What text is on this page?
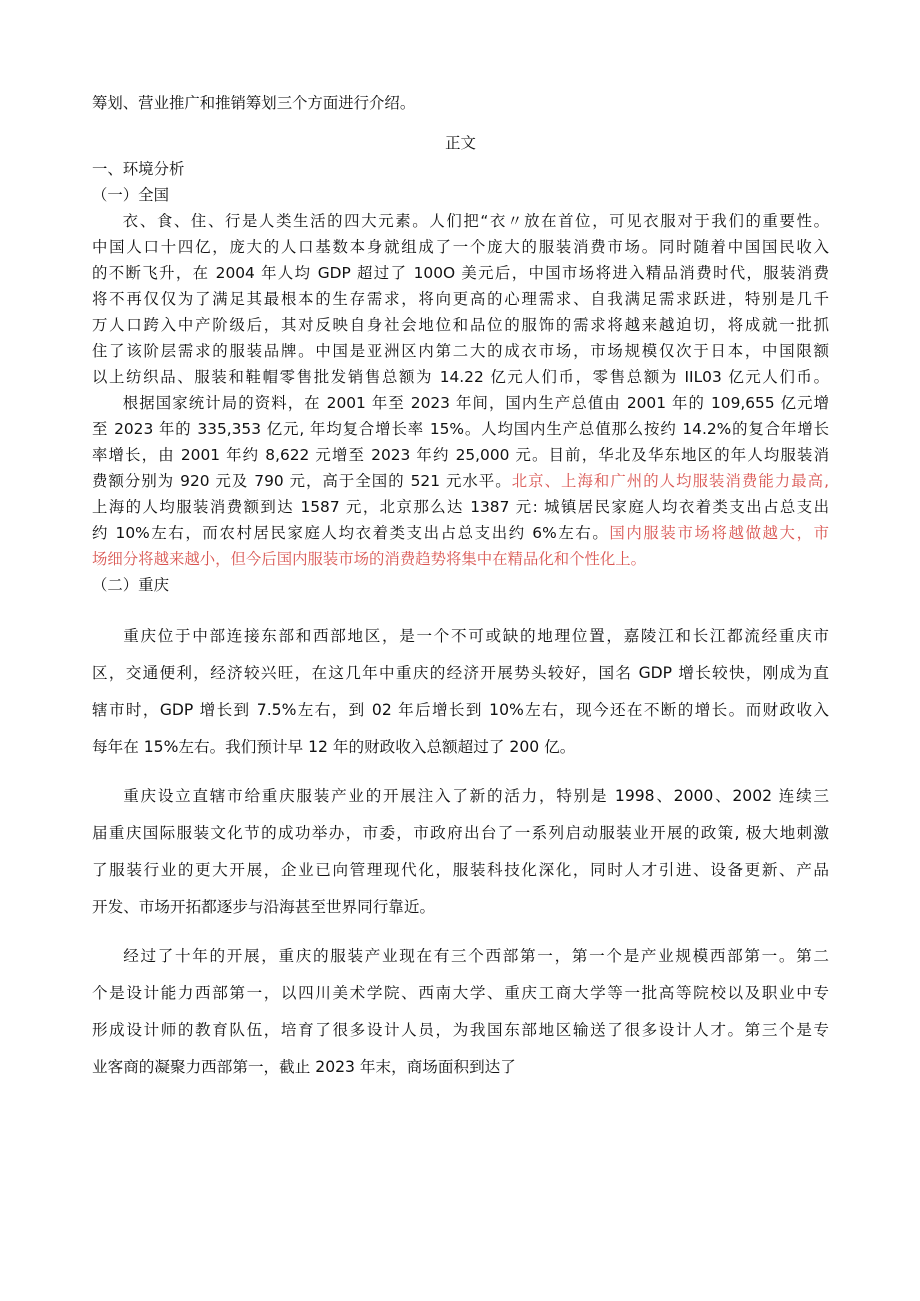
筹划、营业推广和推销筹划三个方面进行介绍。

正文

一、环境分析

（一）全国

衣、食、住、行是人类生活的四大元素。人们把“衣〃放在首位，可见衣服对于我们的重要性。

中国人口十四亿，庞大的人口基数本身就组成了一个庞大的服装消费市场。同时随着中国国民收入

的不断飞升，在 2004 年人均 GDP 超过了 100O 美元后，中国市场将进入精品消费时代，服装消费

将不再仅仅为了满足其最根本的生存需求，将向更高的心理需求、自我满足需求跃进，特别是几千

万人口跨入中产阶级后，其对反映自身社会地位和品位的服饰的需求将越来越迫切，将成就一批抓

住了该阶层需求的服装品牌。中国是亚洲区内第二大的成衣市场，市场规模仅次于日本，中国限额

以上纺织品、服装和鞋帽零售批发销售总额为 14.22 亿元人们币，零售总额为 IIL03 亿元人们币。

根据国家统计局的资料，在 2001 年至 2023 年间，国内生产总值由 2001 年的 109,655 亿元增

至 2023 年的 335,353 亿元, 年均复合增长率 15%。人均国内生产总值那么按约 14.2%的复合年增长

率增长，由 2001 年约 8,622 元增至 2023 年约 25,000 元。目前，华北及华东地区的年人均服装消

费额分别为 920 元及 790 元，高于全国的 521 元水平。北京、上海和广州的人均服装消费能力最高,

上海的人均服装消费额到达 1587 元，北京那么达 1387 元: 城镇居民家庭人均衣着类支出占总支出

约 10%左右，而农村居民家庭人均衣着类支出占总支出约 6%左右。国内服装市场将越做越大，市

场细分将越来越小，但今后国内服装市场的消费趋势将集中在精品化和个性化上。

（二）重庆

重庆位于中部连接东部和西部地区，是一个不可或缺的地理位置，嘉陵江和长江都流经重庆市

区，交通便利，经济较兴旺，在这几年中重庆的经济开展势头较好，国名 GDP 增长较快，刚成为直

辖市时，GDP 增长到 7.5%左右，到 02 年后增长到 10%左右，现今还在不断的增长。而财政收入

每年在 15%左右。我们预计早 12 年的财政收入总额超过了 200 亿。

重庆设立直辖市给重庆服装产业的开展注入了新的活力，特别是 1998、2000、2002 连续三

届重庆国际服装文化节的成功举办，市委，市政府出台了一系列启动服装业开展的政策, 极大地刺激

了服装行业的更大开展，企业已向管理现代化，服装科技化深化，同时人才引进、设备更新、产品

开发、市场开拓都逐步与沿海甚至世界同行靠近。

经过了十年的开展，重庆的服装产业现在有三个西部第一，第一个是产业规模西部第一。第二

个是设计能力西部第一，以四川美术学院、西南大学、重庆工商大学等一批高等院校以及职业中专

形成设计师的教育队伍，培育了很多设计人员，为我国东部地区输送了很多设计人才。第三个是专

业客商的凝聚力西部第一，截止 2023 年末，商场面积到达了
